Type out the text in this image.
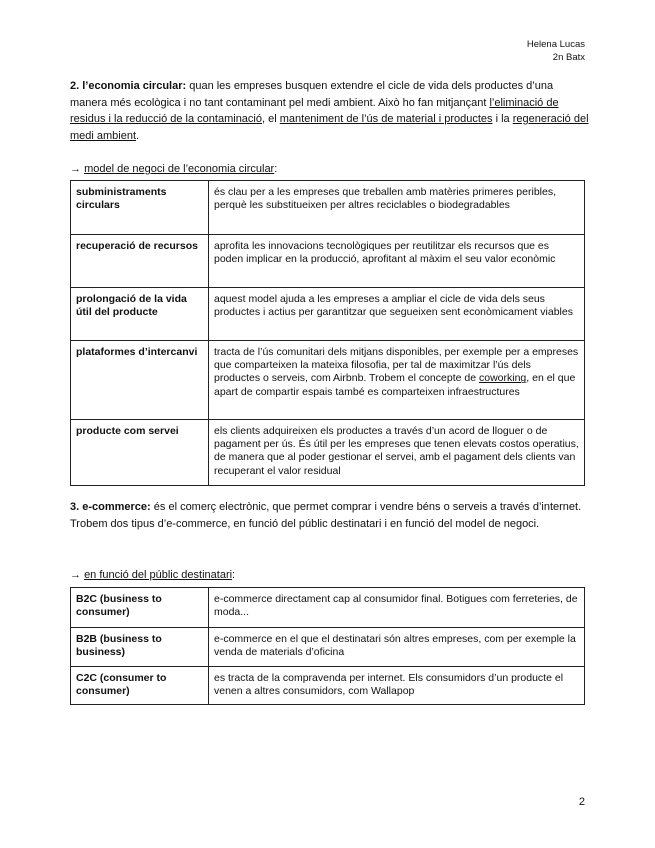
Helena Lucas
2n Batx
2. l’economia circular: quan les empreses busquen extendre el cicle de vida dels productes d’una manera més ecològica i no tant contaminant pel medi ambient. Això ho fan mitjançant l’eliminació de residus i la reducció de la contaminació, el manteniment de l’ús de material i productes i la regeneració del medi ambient.
→ model de negoci de l’economia circular:
subministraments circulars	és clau per a les empreses que treballen amb matèries primeres peribles, perquè les substitueixen per altres reciclables o biodegradables
recuperació de recursos	aprofita les innovacions tecnològiques per reutilitzar els recursos que es poden implicar en la producció, aprofitant al màxim el seu valor econòmic
prolongació de la vida útil del producte	aquest model ajuda a les empreses a ampliar el cicle de vida dels seus productes i actius per garantitzar que segueixen sent econòmicament viables
plataformes d’intercanvi	tracta de l’ús comunitari dels mitjans disponibles, per exemple per a empreses que comparteixen la mateixa filosofia, per tal de maximitzar l’ús dels productes o serveis, com Airbnb. Trobem el concepte de coworking, en el que apart de compartir espais també es comparteixen infraestructures
producte com servei	els clients adquireixen els productes a través d’un acord de lloguer o de pagament per ús. És útil per les empreses que tenen elevats costos operatius, de manera que al poder gestionar el servei, amb el pagament dels clients van recuperant el valor residual
3. e-commerce: és el comerç electrònic, que permet comprar i vendre béns o serveis a través d’internet. Trobem dos tipus d’e-commerce, en funció del públic destinatari i en funció del model de negoci.
→ en funció del públic destinatari:
B2C (business to consumer)	e-commerce directament cap al consumidor final. Botigues com ferreteries, de moda...
B2B (business to business)	e-commerce en el que el destinatari són altres empreses, com per exemple la venda de materials d’oficina
C2C (consumer to consumer)	es tracta de la compravenda per internet. Els consumidors d’un producte el venen a altres consumidors, com Wallapop
2
